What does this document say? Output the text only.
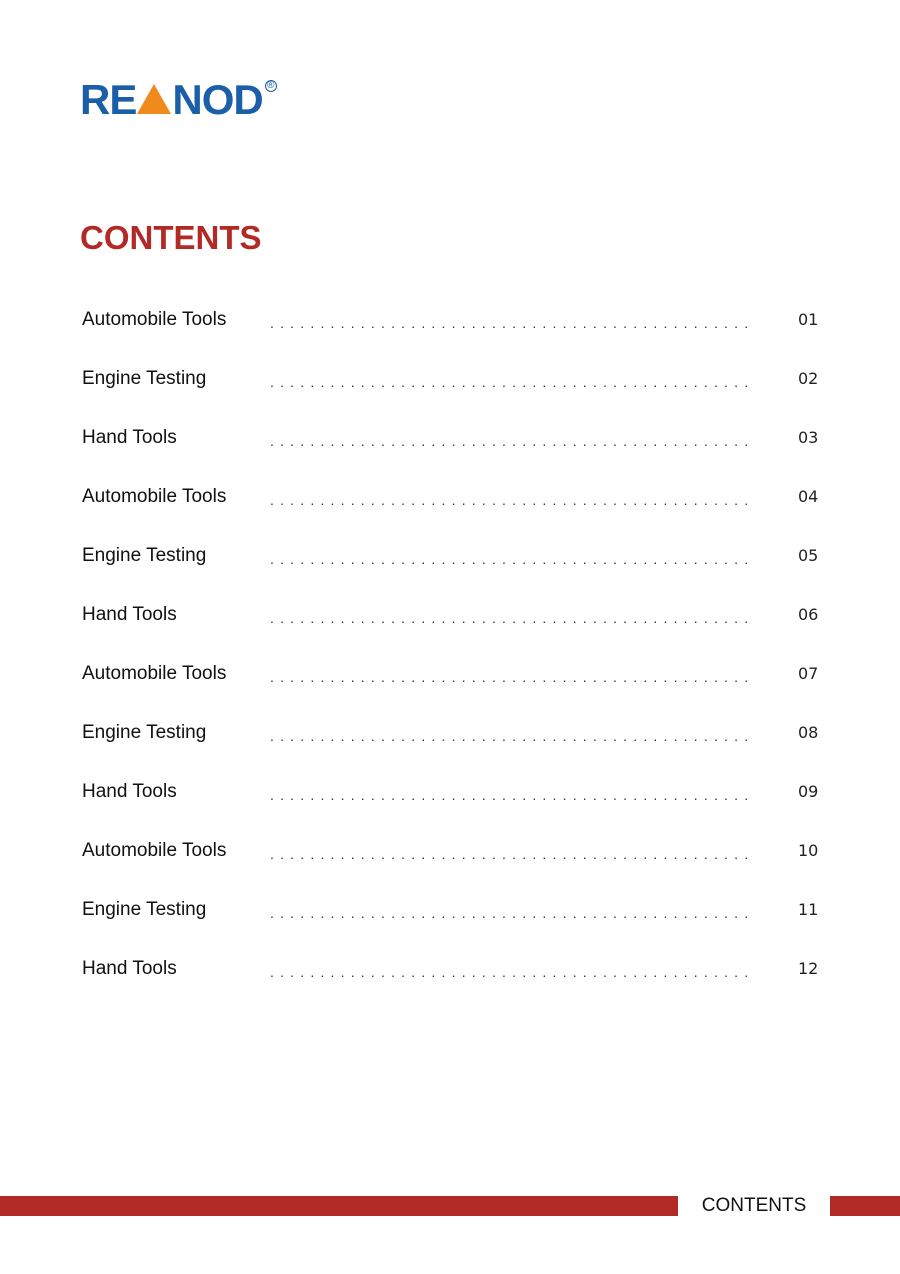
RE NOD ®
CONTENTS
Automobile Tools	................................................	01
Engine Testing	................................................	02
Hand Tools	................................................	03
Automobile Tools	................................................	04
Engine Testing	................................................	05
Hand Tools	................................................	06
Automobile Tools	................................................	07
Engine Testing	................................................	08
Hand Tools	................................................	09
Automobile Tools	................................................	10
Engine Testing	................................................	11
Hand Tools	................................................	12
CONTENTS
